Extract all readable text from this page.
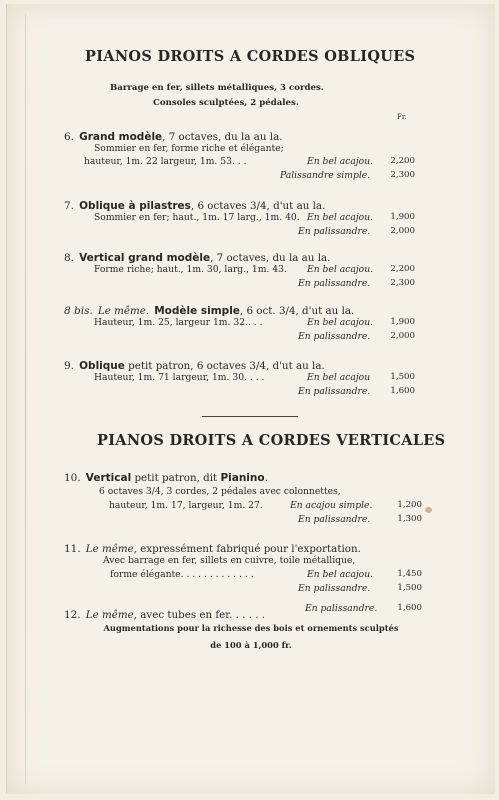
PIANOS DROITS A CORDES OBLIQUES
Barrage en fer, sillets métalliques, 3 cordes.
Consoles sculptées, 2 pédales.
Fr.
6. Grand modèle, 7 octaves, du la au la.
Sommier en fer, forme riche et élégante;
hauteur, 1m. 22 largeur, 1m. 53. . .	En bel acajou.	2,200
Palissandre simple.	2,300
7. Oblique à pilastres, 6 octaves 3/4, d'ut au la.
Sommier en fer; haut., 1m. 17 larg., 1m. 40. En bel acajou.	1,900
En palissandre.	2,000
8. Vertical grand modèle, 7 octaves, du la au la.
Forme riche; haut., 1m. 30, larg., 1m. 43. En bel acajou.	2,200
En palissandre.	2,300
8 bis. Le même. Modèle simple, 6 oct. 3/4, d'ut au la.
Hauteur, 1m. 25, largeur 1m. 32.. . .	En bel acajou.	1,900
En palissandre.	2,000
9. Oblique petit patron, 6 octaves 3/4, d'ut au la.
Hauteur, 1m. 71 largeur, 1m. 30. . . .	En bel acajou	1,500
En palissandre.	1,600
PIANOS DROITS A CORDES VERTICALES
10. Vertical petit patron, dit Pianino.
6 octaves 3/4, 3 cordes, 2 pédales avec colonnettes,
hauteur, 1m. 17, largeur, 1m. 27.	En acajou simple.	1,200
En palissandre.	1,300
11. Le même, expressément fabriqué pour l'exportation.
Avec barrage en fer, sillets en cuivre, toile métallique,
forme élégante. . . . . . . . . . . . .	En bel acajou.	1,450
En palissandre.	1,500
12. Le même, avec tubes en fer. . . . . .
En palissandre.	1,600
Augmentations pour la richesse des bois et ornements sculptés
de 100 à 1,000 fr.
